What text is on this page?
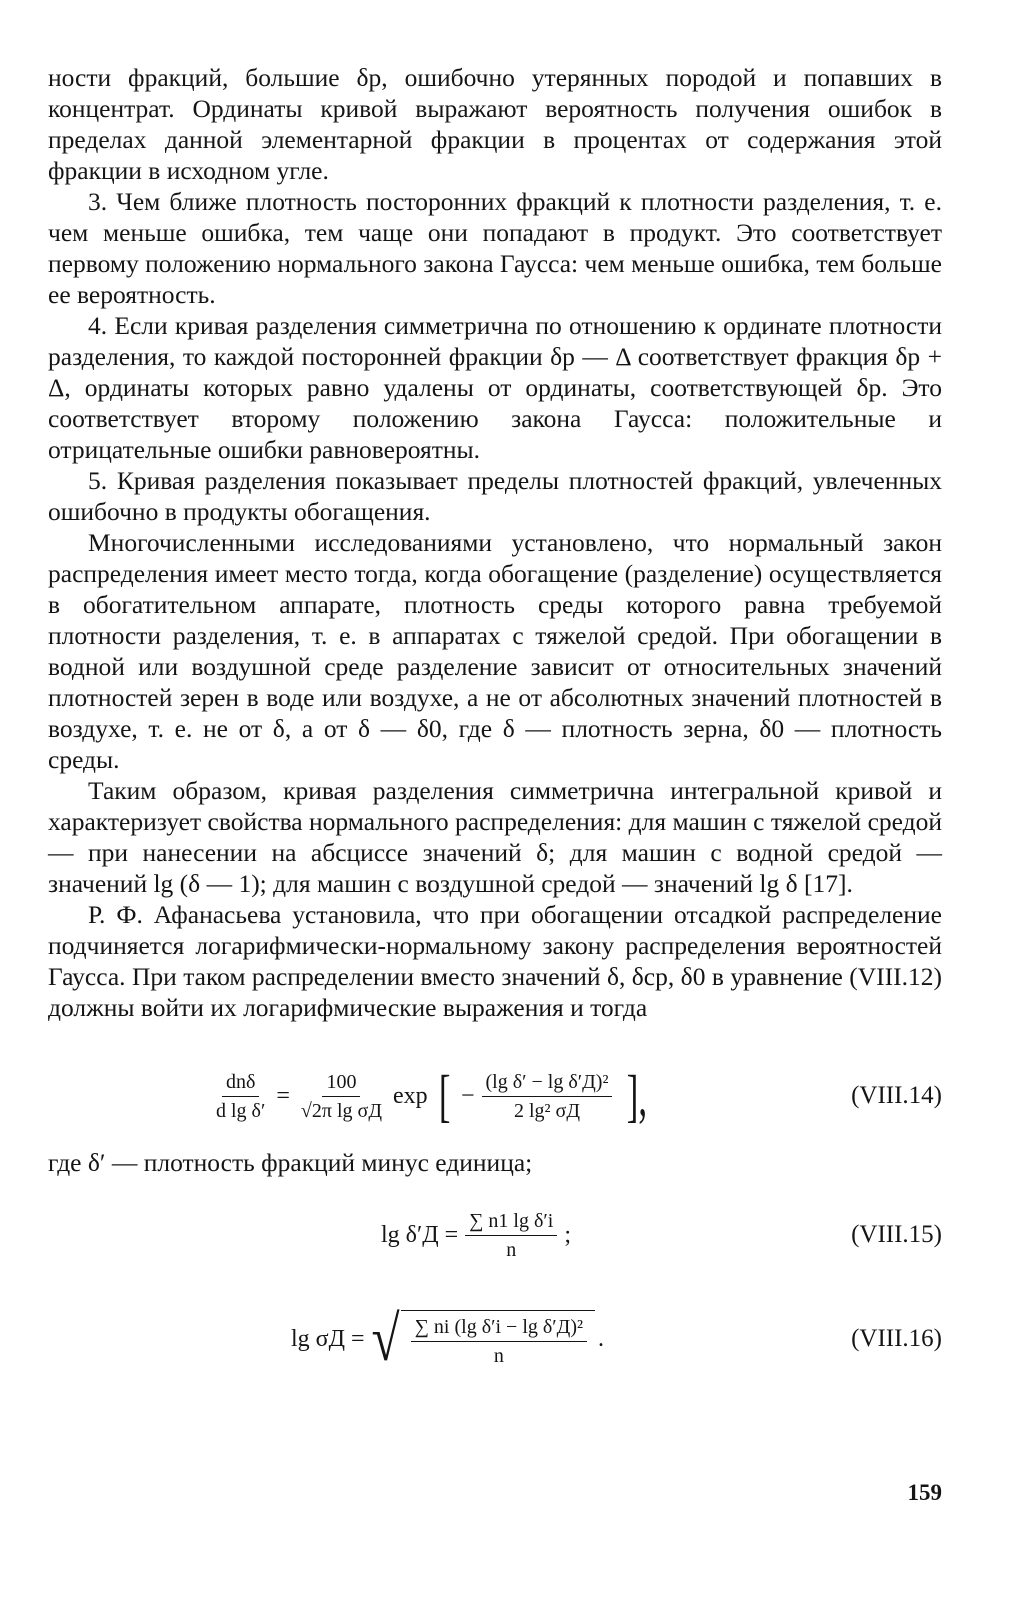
ности фракций, большие δр, ошибочно утерянных породой и попавших в концентрат. Ординаты кривой выражают вероятность получения ошибок в пределах данной элементарной фракции в процентах от содержания этой фракции в исходном угле.

3. Чем ближе плотность посторонних фракций к плотности разделения, т. е. чем меньше ошибка, тем чаще они попадают в продукт. Это соответствует первому положению нормального закона Гаусса: чем меньше ошибка, тем больше ее вероятность.

4. Если кривая разделения симметрична по отношению к ординате плотности разделения, то каждой посторонней фракции δр — Δ соответствует фракция δр + Δ, ординаты которых равно удалены от ординаты, соответствующей δр. Это соответствует второму положению закона Гаусса: положительные и отрицательные ошибки равновероятны.

5. Кривая разделения показывает пределы плотностей фракций, увлеченных ошибочно в продукты обогащения.

Многочисленными исследованиями установлено, что нормальный закон распределения имеет место тогда, когда обогащение (разделение) осуществляется в обогатительном аппарате, плотность среды которого равна требуемой плотности разделения, т. е. в аппаратах с тяжелой средой. При обогащении в водной или воздушной среде разделение зависит от относительных значений плотностей зерен в воде или воздухе, а не от абсолютных значений плотностей в воздухе, т. е. не от δ, а от δ — δ0, где δ — плотность зерна, δ0 — плотность среды.

Таким образом, кривая разделения симметрична интегральной кривой и характеризует свойства нормального распределения: для машин с тяжелой средой — при нанесении на абсциссе значений δ; для машин с водной средой — значений lg (δ — 1); для машин с воздушной средой — значений lg δ [17].

Р. Ф. Афанасьева установила, что при обогащении отсадкой распределение подчиняется логарифмически-нормальному закону распределения вероятностей Гаусса. При таком распределении вместо значений δ, δср, δ0 в уравнение (VIII.12) должны войти их логарифмические выражения и тогда

$\frac{\text{dnδ}}{\text{d lg δ′}} = \frac{100}{\text{√2π lg σД}}$ exp [ − $\frac{\text{(lg δ′ − lg δ′Д)²}}{\text{2 lg² σД}}$ ],	(VIII.14)

где δ′ — плотность фракций минус единица;

$\lg \delta'Д = \frac{\text{∑ n1 lg δ′i}}{n}$ ;	(VIII.15)
lg σД = √ $\frac{\text{∑ ni (lg δ′i − lg δ′Д)²}}{n}$ .	(VIII.16)
159
